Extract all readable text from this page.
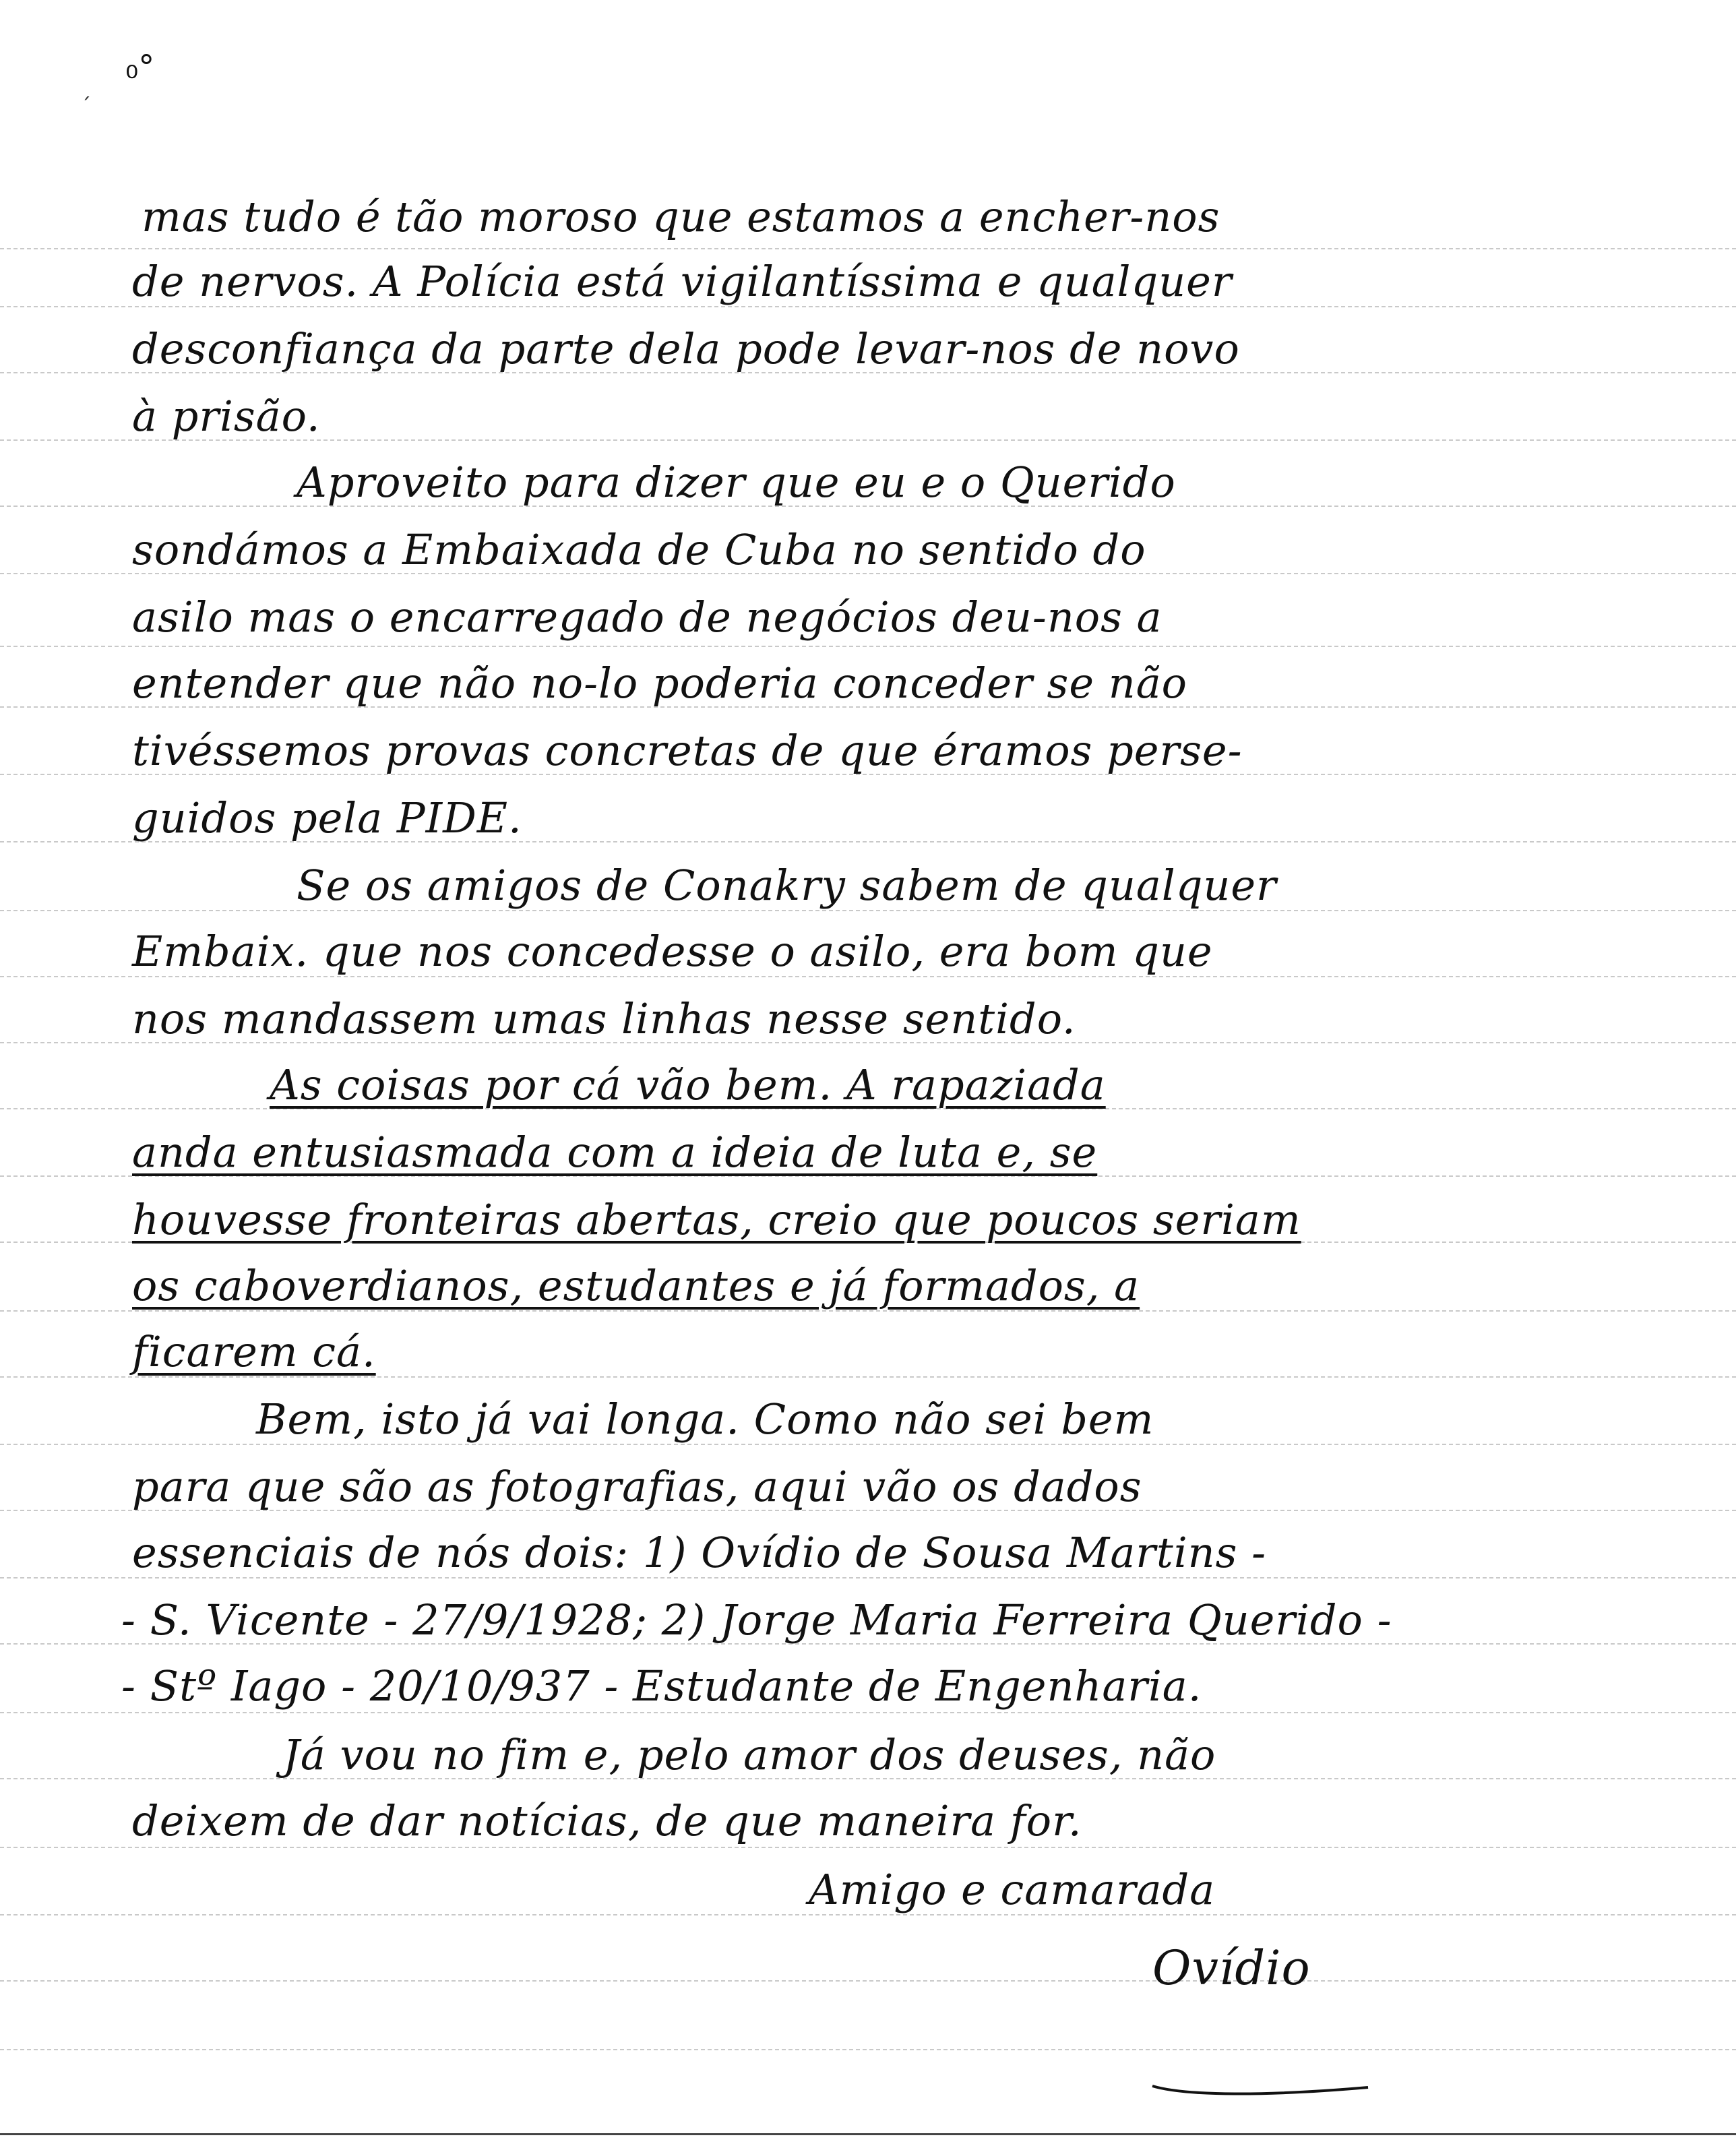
₀°
´
mas tudo é tão moroso que estamos a encher-nos
de nervos. A Polícia está vigilantíssima e qualquer
desconfiança da parte dela pode levar-nos de novo
à prisão.
Aproveito para dizer que eu e o Querido
sondámos a Embaixada de Cuba no sentido do
asilo mas o encarregado de negócios deu-nos a
entender que não no-lo poderia conceder se não
tivéssemos provas concretas de que éramos perse-
guidos pela PIDE.
Se os amigos de Conakry sabem de qualquer
Embaix. que nos concedesse o asilo, era bom que
nos mandassem umas linhas nesse sentido.
As coisas por cá vão bem. A rapaziada
anda entusiasmada com a ideia de luta e, se
houvesse fronteiras abertas, creio que poucos seriam
os caboverdianos, estudantes e já formados, a
ficarem cá.
Bem, isto já vai longa. Como não sei bem
para que são as fotografias, aqui vão os dados
essenciais de nós dois: 1) Ovídio de Sousa Martins -
- S. Vicente - 27/9/1928; 2) Jorge Maria Ferreira Querido -
- Stº Iago - 20/10/937 - Estudante de Engenharia.
Já vou no fim e, pelo amor dos deuses, não
deixem de dar notícias, de que maneira for.
Amigo e camarada
Ovídio
